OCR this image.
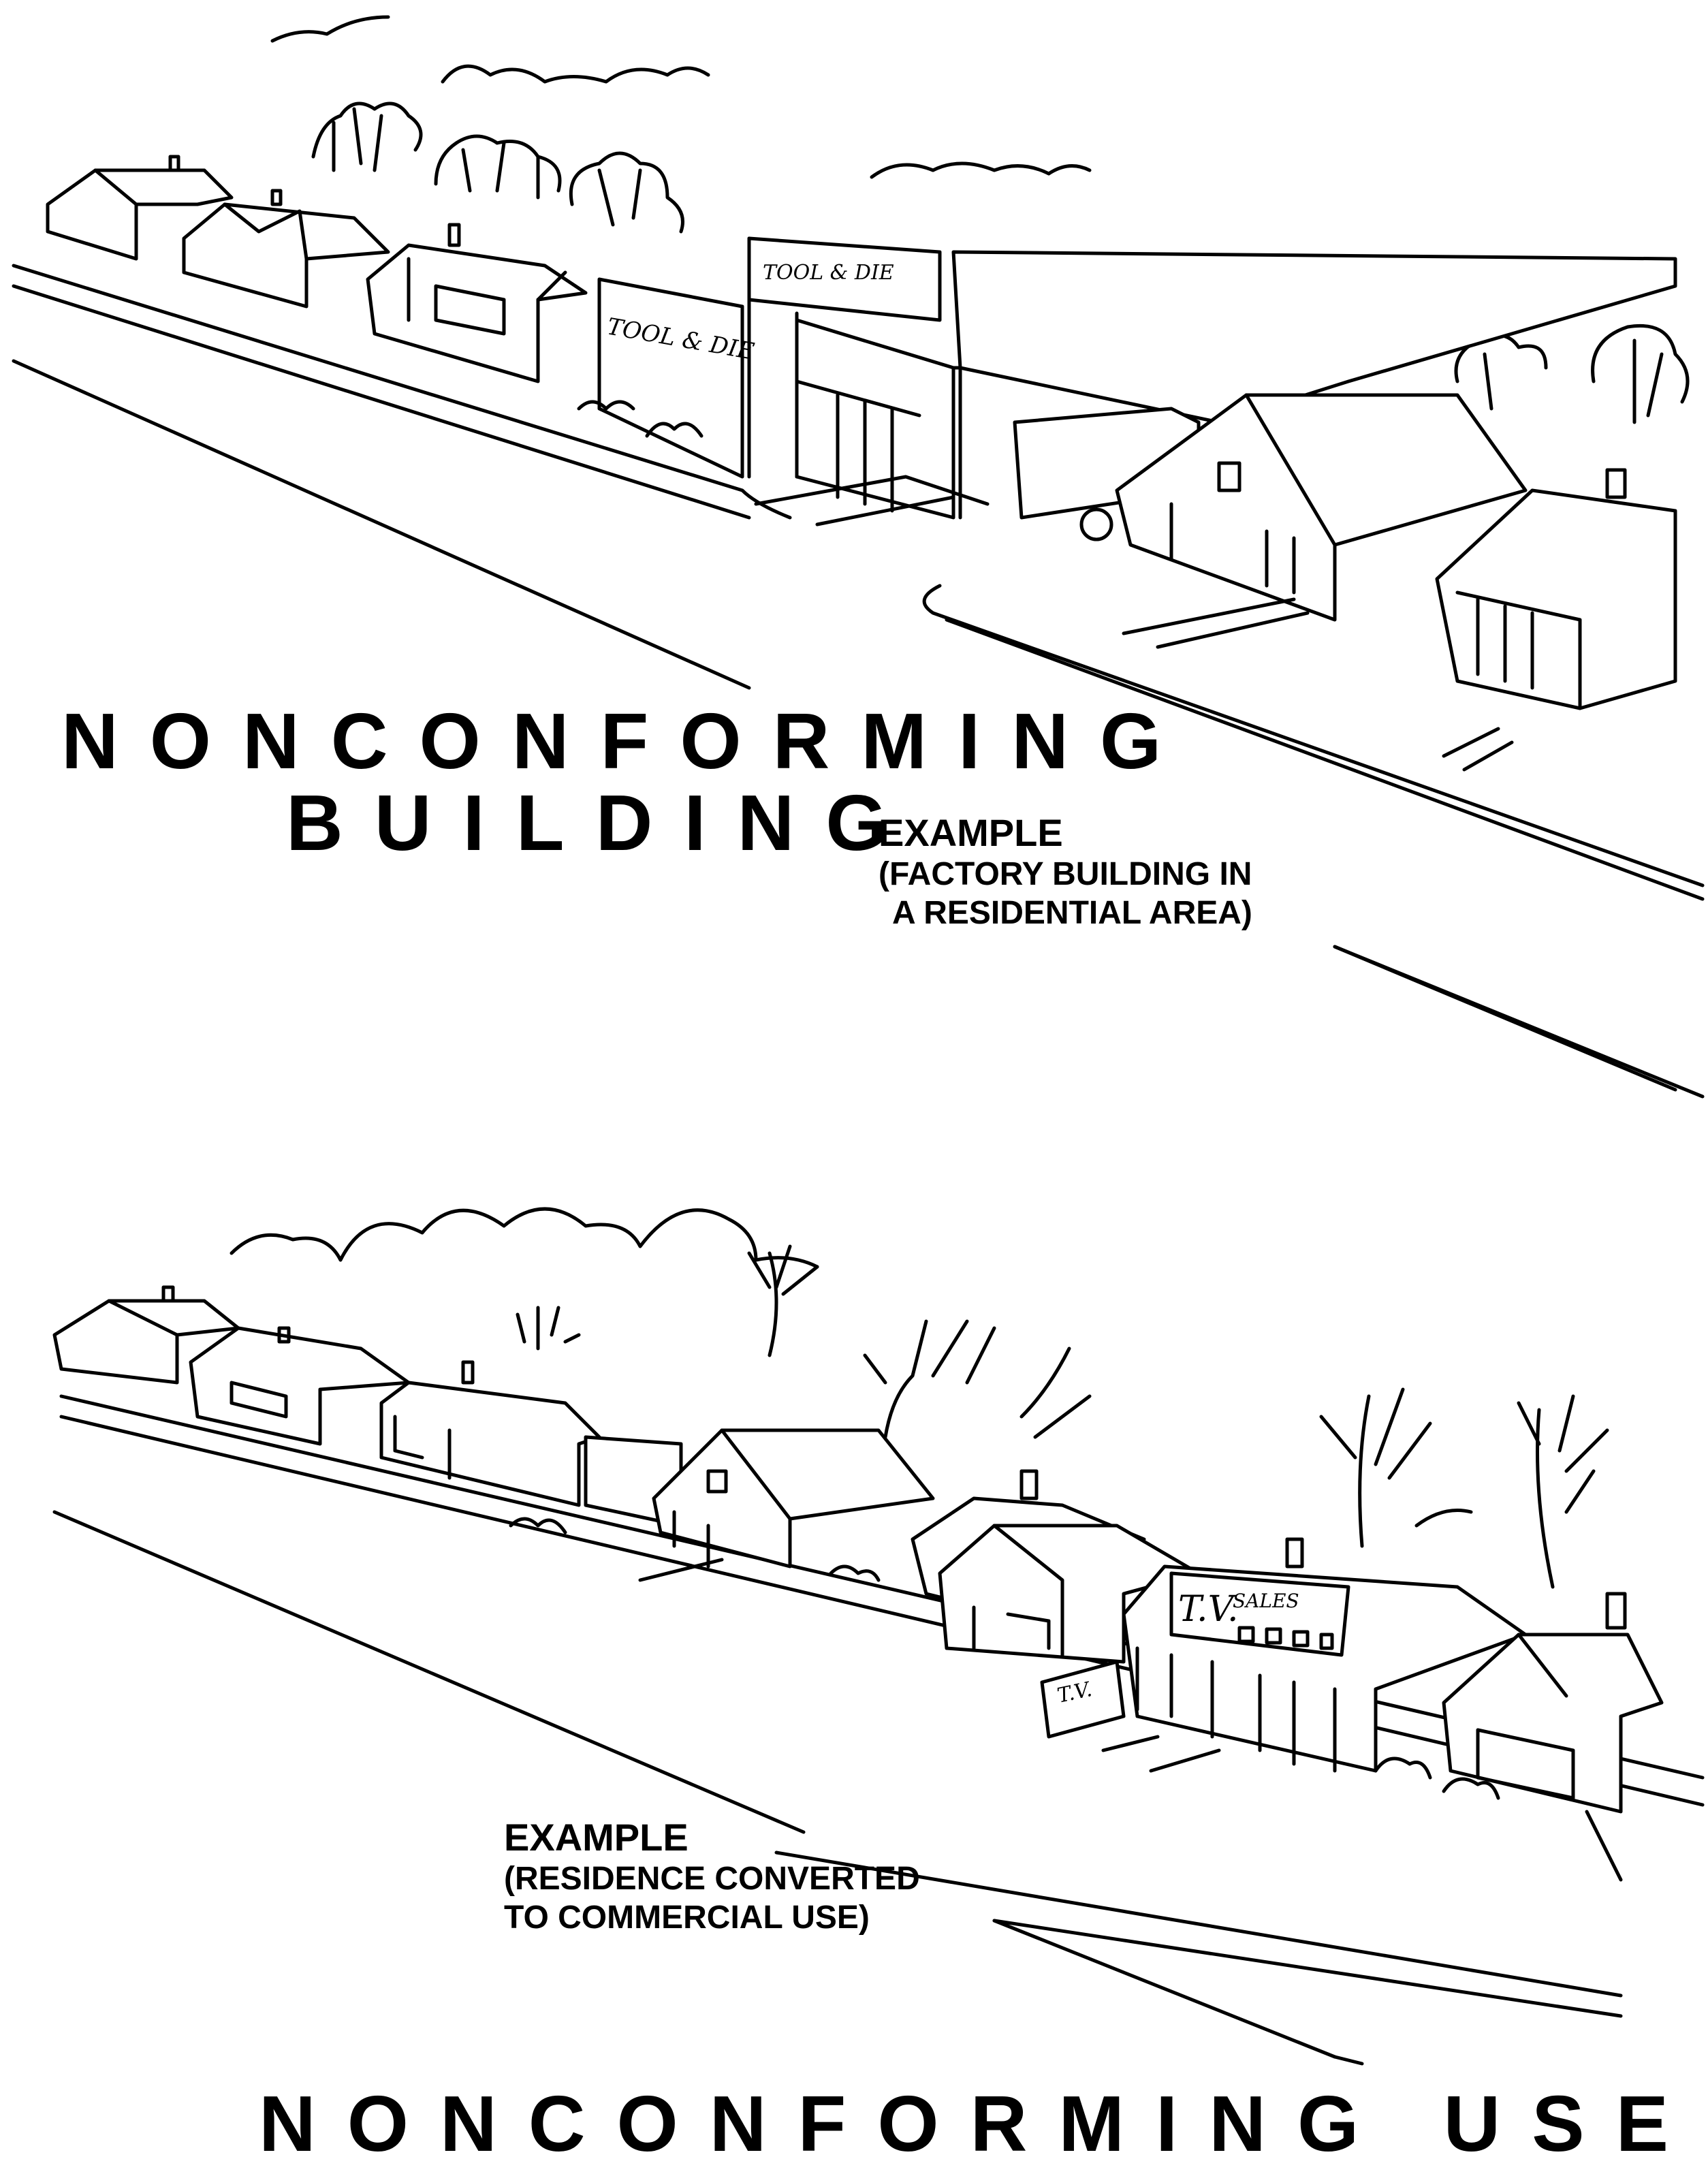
TOOL & DIE
TOOL & DIE
NONCONFORMING
BUILDING
EXAMPLE
(FACTORY BUILDING IN
A RESIDENTIAL AREA)
T.V.
T.V.
SALES
EXAMPLE
(RESIDENCE CONVERTED
TO COMMERCIAL USE)
NONCONFORMING USE
